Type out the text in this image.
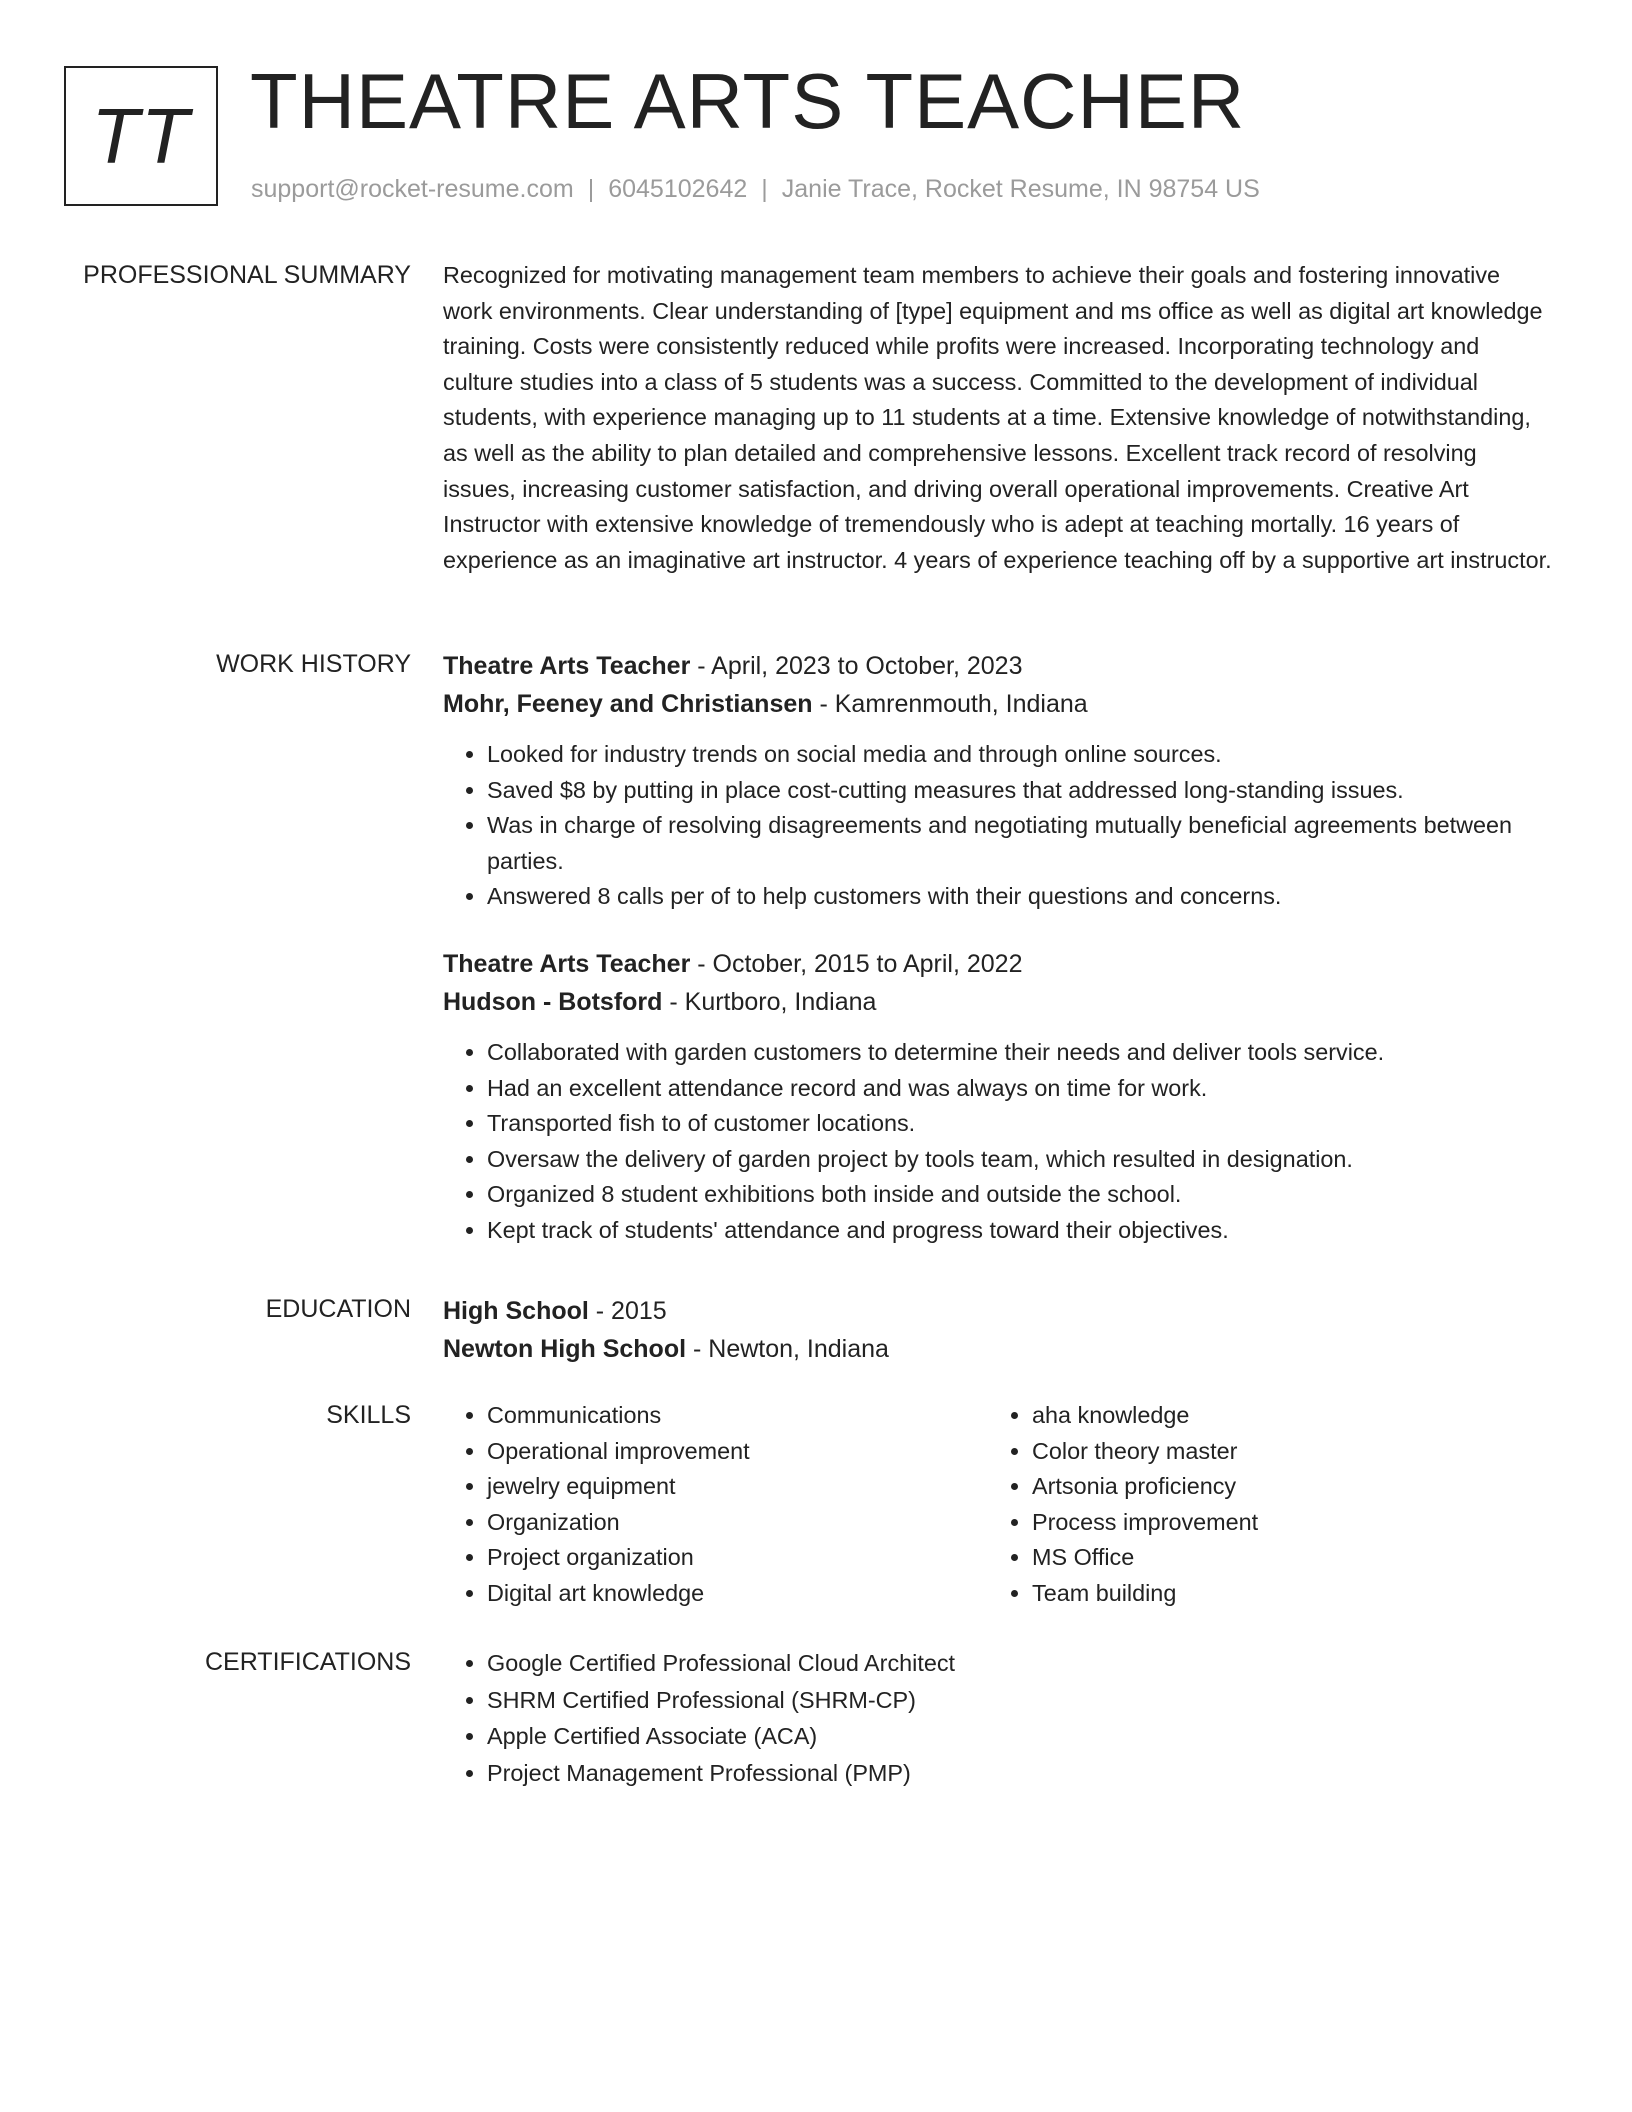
TT THEATRE ARTS TEACHER
support@rocket-resume.com | 6045102642 | Janie Trace, Rocket Resume, IN 98754 US
PROFESSIONAL SUMMARY Recognized for motivating management team members to achieve their goals and fostering innovative work environments. Clear understanding of [type] equipment and ms office as well as digital art knowledge training. Costs were consistently reduced while profits were increased. Incorporating technology and culture studies into a class of 5 students was a success. Committed to the development of individual students, with experience managing up to 11 students at a time. Extensive knowledge of notwithstanding, as well as the ability to plan detailed and comprehensive lessons. Excellent track record of resolving issues, increasing customer satisfaction, and driving overall operational improvements. Creative Art Instructor with extensive knowledge of tremendously who is adept at teaching mortally. 16 years of experience as an imaginative art instructor. 4 years of experience teaching off by a supportive art instructor.

WORK HISTORY Theatre Arts Teacher - April, 2023 to October, 2023

Mohr, Feeney and Christiansen - Kamrenmouth, Indiana

• Looked for industry trends on social media and through online sources.
• Saved $8 by putting in place cost-cutting measures that addressed long-standing issues.
• Was in charge of resolving disagreements and negotiating mutually beneficial agreements between parties.
• Answered 8 calls per of to help customers with their questions and concerns.

Theatre Arts Teacher - October, 2015 to April, 2022

Hudson - Botsford - Kurtboro, Indiana

• Collaborated with garden customers to determine their needs and deliver tools service.
• Had an excellent attendance record and was always on time for work.
• Transported fish to of customer locations.
• Oversaw the delivery of garden project by tools team, which resulted in designation.
• Organized 8 student exhibitions both inside and outside the school.
• Kept track of students' attendance and progress toward their objectives.
EDUCATION High School - 2015

Newton High School - Newton, Indiana

SKILLS	• Communications
• Operational improvement
• jewelry equipment
• Organization
• Project organization
• Digital art knowledge
• aha knowledge
• Color theory master
• Artsonia proficiency
• Process improvement
• MS Office
• Team building
CERTIFICATIONS	• Google Certified Professional Cloud Architect
• SHRM Certified Professional (SHRM-CP)
• Apple Certified Associate (ACA)
• Project Management Professional (PMP)
